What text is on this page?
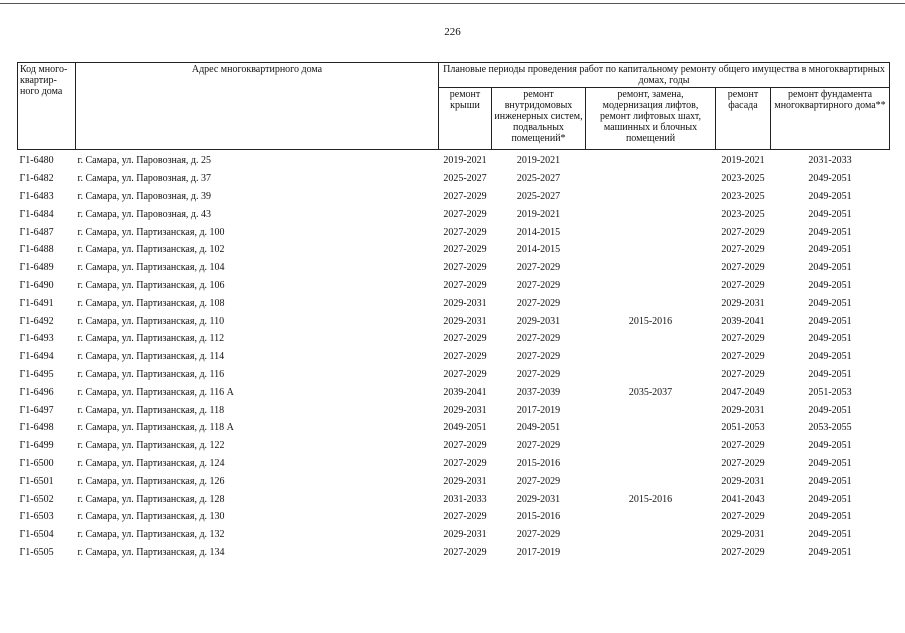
226
Код много-квартир-ного дома	Адрес многоквартирного дома	Плановые периоды проведения работ по капитальному ремонту общего имущества в многоквартирных домах, годы				
		ремонт крыши	ремонт внутридомовых инженерных систем, подвальных помещений*	ремонт, замена, модернизация лифтов, ремонт лифтовых шахт, машинных и блочных помещений	ремонт фасада	ремонт фундамента многоквартирного дома**
Г1-6480	г. Самара, ул. Паровозная, д. 25	2019-2021	2019-2021		2019-2021	2031-2033
Г1-6482	г. Самара, ул. Паровозная, д. 37	2025-2027	2025-2027		2023-2025	2049-2051
Г1-6483	г. Самара, ул. Паровозная, д. 39	2027-2029	2025-2027		2023-2025	2049-2051
Г1-6484	г. Самара, ул. Паровозная, д. 43	2027-2029	2019-2021		2023-2025	2049-2051
Г1-6487	г. Самара, ул. Партизанская, д. 100	2027-2029	2014-2015		2027-2029	2049-2051
Г1-6488	г. Самара, ул. Партизанская, д. 102	2027-2029	2014-2015		2027-2029	2049-2051
Г1-6489	г. Самара, ул. Партизанская, д. 104	2027-2029	2027-2029		2027-2029	2049-2051
Г1-6490	г. Самара, ул. Партизанская, д. 106	2027-2029	2027-2029		2027-2029	2049-2051
Г1-6491	г. Самара, ул. Партизанская, д. 108	2029-2031	2027-2029		2029-2031	2049-2051
Г1-6492	г. Самара, ул. Партизанская, д. 110	2029-2031	2029-2031	2015-2016	2039-2041	2049-2051
Г1-6493	г. Самара, ул. Партизанская, д. 112	2027-2029	2027-2029		2027-2029	2049-2051
Г1-6494	г. Самара, ул. Партизанская, д. 114	2027-2029	2027-2029		2027-2029	2049-2051
Г1-6495	г. Самара, ул. Партизанская, д. 116	2027-2029	2027-2029		2027-2029	2049-2051
Г1-6496	г. Самара, ул. Партизанская, д. 116 А	2039-2041	2037-2039	2035-2037	2047-2049	2051-2053
Г1-6497	г. Самара, ул. Партизанская, д. 118	2029-2031	2017-2019		2029-2031	2049-2051
Г1-6498	г. Самара, ул. Партизанская, д. 118 А	2049-2051	2049-2051		2051-2053	2053-2055
Г1-6499	г. Самара, ул. Партизанская, д. 122	2027-2029	2027-2029		2027-2029	2049-2051
Г1-6500	г. Самара, ул. Партизанская, д. 124	2027-2029	2015-2016		2027-2029	2049-2051
Г1-6501	г. Самара, ул. Партизанская, д. 126	2029-2031	2027-2029		2029-2031	2049-2051
Г1-6502	г. Самара, ул. Партизанская, д. 128	2031-2033	2029-2031	2015-2016	2041-2043	2049-2051
Г1-6503	г. Самара, ул. Партизанская, д. 130	2027-2029	2015-2016		2027-2029	2049-2051
Г1-6504	г. Самара, ул. Партизанская, д. 132	2029-2031	2027-2029		2029-2031	2049-2051
Г1-6505	г. Самара, ул. Партизанская, д. 134	2027-2029	2017-2019		2027-2029	2049-2051
